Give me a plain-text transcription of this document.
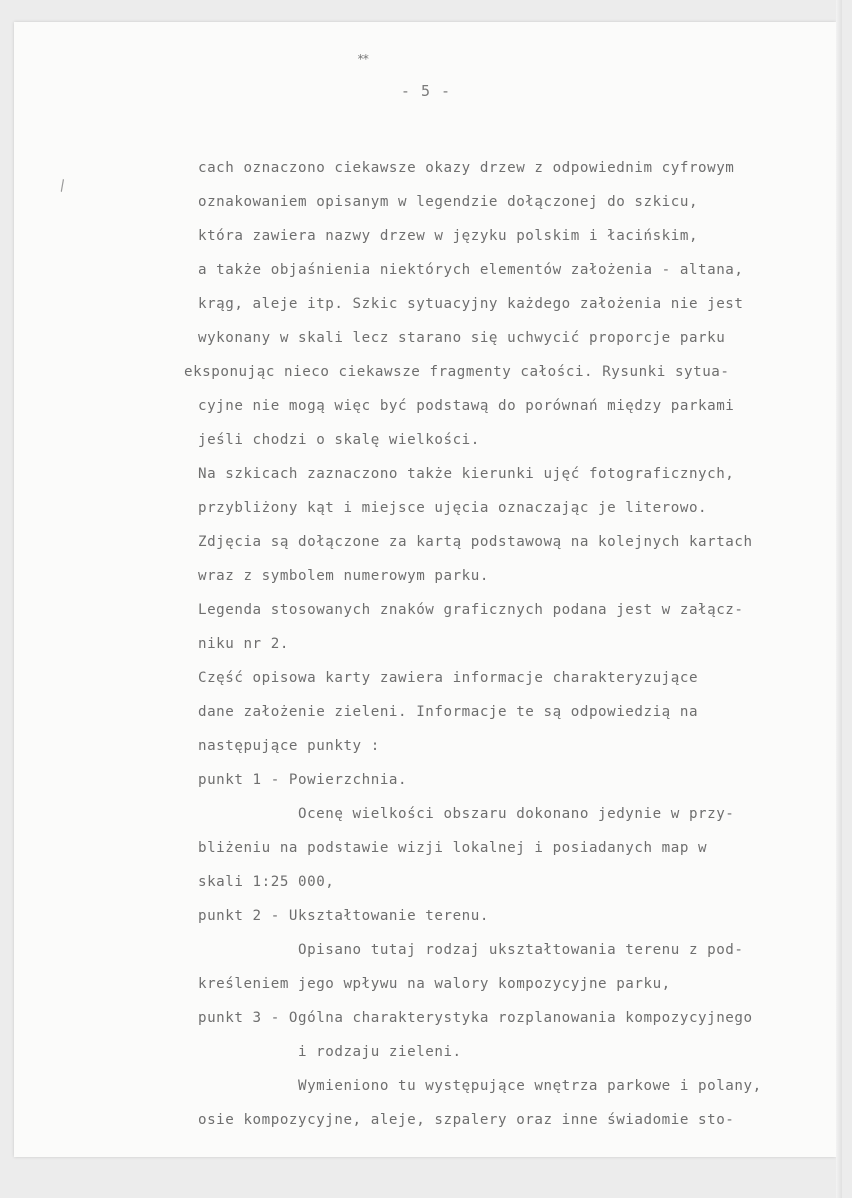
**
- 5 -
\
cach oznaczono ciekawsze okazy drzew z odpowiednim cyfrowym
oznakowaniem opisanym w legendzie dołączonej do szkicu,
która zawiera nazwy drzew w języku polskim i łacińskim,
a także objaśnienia niektórych elementów założenia - altana,
krąg, aleje itp. Szkic sytuacyjny każdego założenia nie jest
wykonany w skali lecz starano się uchwycić proporcje parku
eksponując nieco ciekawsze fragmenty całości. Rysunki sytua-
cyjne nie mogą więc być podstawą do porównań między parkami
jeśli chodzi o skalę wielkości.
Na szkicach zaznaczono także kierunki ujęć fotograficznych,
przybliżony kąt i miejsce ujęcia oznaczając je literowo.
Zdjęcia są dołączone za kartą podstawową na kolejnych kartach
wraz z symbolem numerowym parku.
Legenda stosowanych znaków graficznych podana jest w załącz-
niku nr 2.
Część opisowa karty zawiera informacje charakteryzujące
dane założenie zieleni. Informacje te są odpowiedzią na
następujące punkty :
punkt 1 - Powierzchnia.
Ocenę wielkości obszaru dokonano jedynie w przy-
bliżeniu na podstawie wizji lokalnej i posiadanych map w
skali 1:25 000,
punkt 2 - Ukształtowanie terenu.
Opisano tutaj rodzaj ukształtowania terenu z pod-
kreśleniem jego wpływu na walory kompozycyjne parku,
punkt 3 - Ogólna charakterystyka rozplanowania kompozycyjnego
i rodzaju zieleni.
Wymieniono tu występujące wnętrza parkowe i polany,
osie kompozycyjne, aleje, szpalery oraz inne świadomie sto-
